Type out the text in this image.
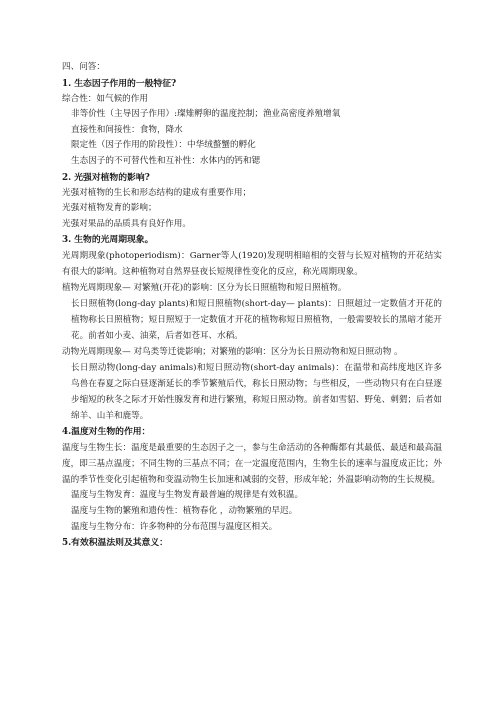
四、问答：
1. 生态因子作用的一般特征?
综合性：如气候的作用
非等价性（主导因子作用）:璨雉孵卵的温度控制；渔业高密度养殖增氧
直接性和间接性：食物，降水
限定性（因子作用的阶段性）：中华绒螯蟹的孵化
生态因子的不可替代性和互补性：水体内的钙和锶
2. 光强对植物的影响?
光强对植物的生长和形态结构的建成有重要作用；
光强对植物发育的影响；
光强对果品的品质具有良好作用。
3. 生物的光周期现象。
光周期现象(photoperiodism)：Garner等人(1920)发现明相暗相的交替与长短对植物的开花结实有很大的影响。这种植物对自然界昼夜长短规律性变化的反应，称光周期现象。
植物光周期现象— 对繁殖(开花)的影响：区分为长日照植物和短日照植物。
长日照植物(long-day plants)和短日照植物(short-day— plants)：日照超过一定数值才开花的植物称长日照植物；短日照短于一定数值才开花的植物称短日照植物，一般需要较长的黑暗才能开花。前者如小麦、油菜，后者如苍耳、水稻。
动物光周期现象— 对鸟类等迁徙影响；对繁殖的影响：区分为长日照动物和短日照动物 。
长日照动物(long-day animals)和短日照动物(short-day animals)：在温带和高纬度地区许多鸟兽在春夏之际白昼逐渐延长的季节繁殖后代，称长日照动物；与些相反，一些动物只有在白昼逐步缩短的秋冬之际才开始性腺发育和进行繁殖，称短日照动物。前者如雪貂、野兔、刺猬；后者如绵羊、山羊和鹿等。
4.温度对生物的作用：
温度与生物生长：温度是最重要的生态因子之一，参与生命活动的各种酶都有其最低、最适和最高温度，即三基点温度；不同生物的三基点不同；在一定温度范围内，生物生长的速率与温度成正比；外温的季节性变化引起植物和变温动物生长加速和减弱的交替，形成年轮；外温影响动物的生长规模。
温度与生物发育：温度与生物发育最普遍的规律是有效积温。
温度与生物的繁殖和遗传性：植物春化 ，动物繁殖的早迟。
温度与生物分布：许多物种的分布范围与温度区相关。
5.有效积温法则及其意义：
